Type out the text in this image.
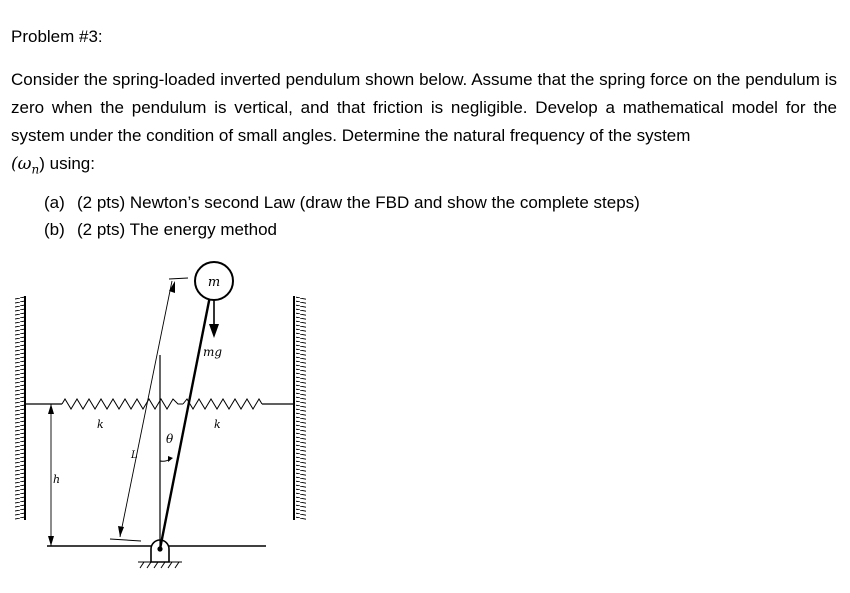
Problem #3:

Consider the spring-loaded inverted pendulum shown below. Assume that the spring force on the pendulum is zero when the pendulum is vertical, and that friction is negligible. Develop a mathematical model for the system under the condition of small angles. Determine the natural frequency of the system
$(\omega_n)$ using:

(a) (2 pts) Newton’s second Law (draw the FBD and show the complete steps)
(b) (2 pts) The energy method
m
mg
k	k
θ
L
h
